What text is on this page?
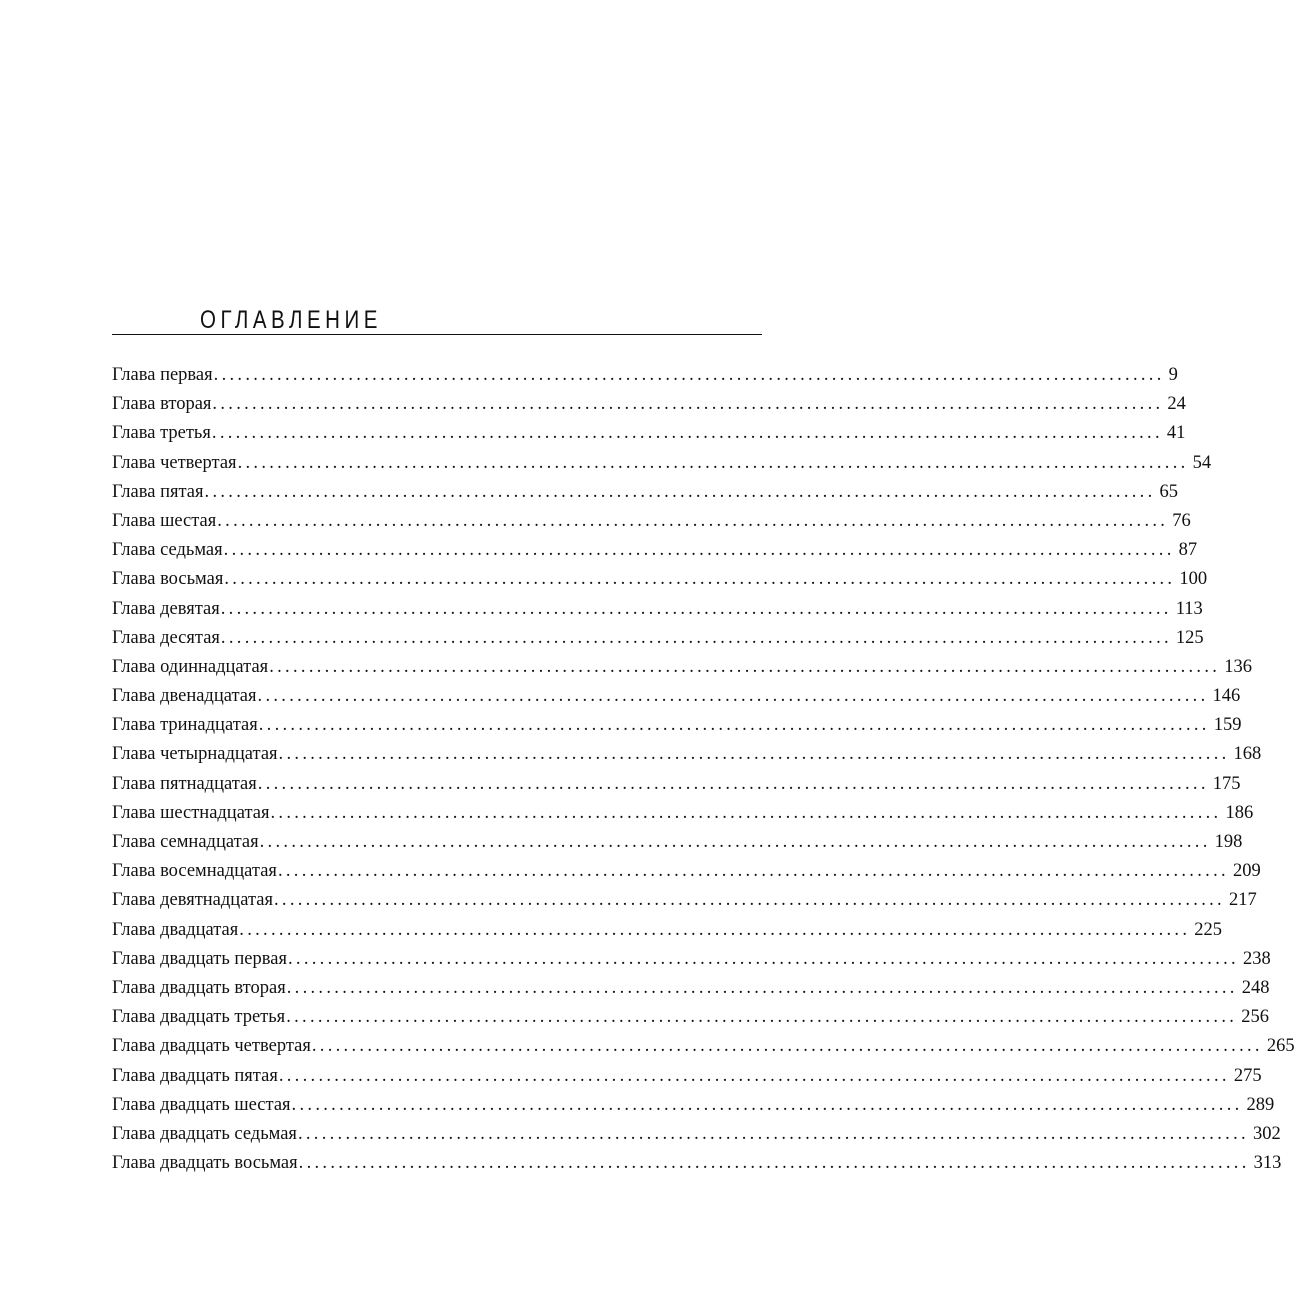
ОГЛАВЛЕНИЕ
Глава первая ........................................................................................................................ 9
Глава вторая ........................................................................................................................ 24
Глава третья ........................................................................................................................ 41
Глава четвертая ........................................................................................................................ 54
Глава пятая ........................................................................................................................ 65
Глава шестая ........................................................................................................................ 76
Глава седьмая ........................................................................................................................ 87
Глава восьмая ........................................................................................................................ 100
Глава девятая ........................................................................................................................ 113
Глава десятая ........................................................................................................................ 125
Глава одиннадцатая ........................................................................................................................ 136
Глава двенадцатая ........................................................................................................................ 146
Глава тринадцатая ........................................................................................................................ 159
Глава четырнадцатая ........................................................................................................................ 168
Глава пятнадцатая ........................................................................................................................ 175
Глава шестнадцатая ........................................................................................................................ 186
Глава семнадцатая ........................................................................................................................ 198
Глава восемнадцатая ........................................................................................................................ 209
Глава девятнадцатая ........................................................................................................................ 217
Глава двадцатая ........................................................................................................................ 225
Глава двадцать первая ........................................................................................................................ 238
Глава двадцать вторая ........................................................................................................................ 248
Глава двадцать третья ........................................................................................................................ 256
Глава двадцать четвертая ........................................................................................................................ 265
Глава двадцать пятая ........................................................................................................................ 275
Глава двадцать шестая ........................................................................................................................ 289
Глава двадцать седьмая ........................................................................................................................ 302
Глава двадцать восьмая ........................................................................................................................ 313
